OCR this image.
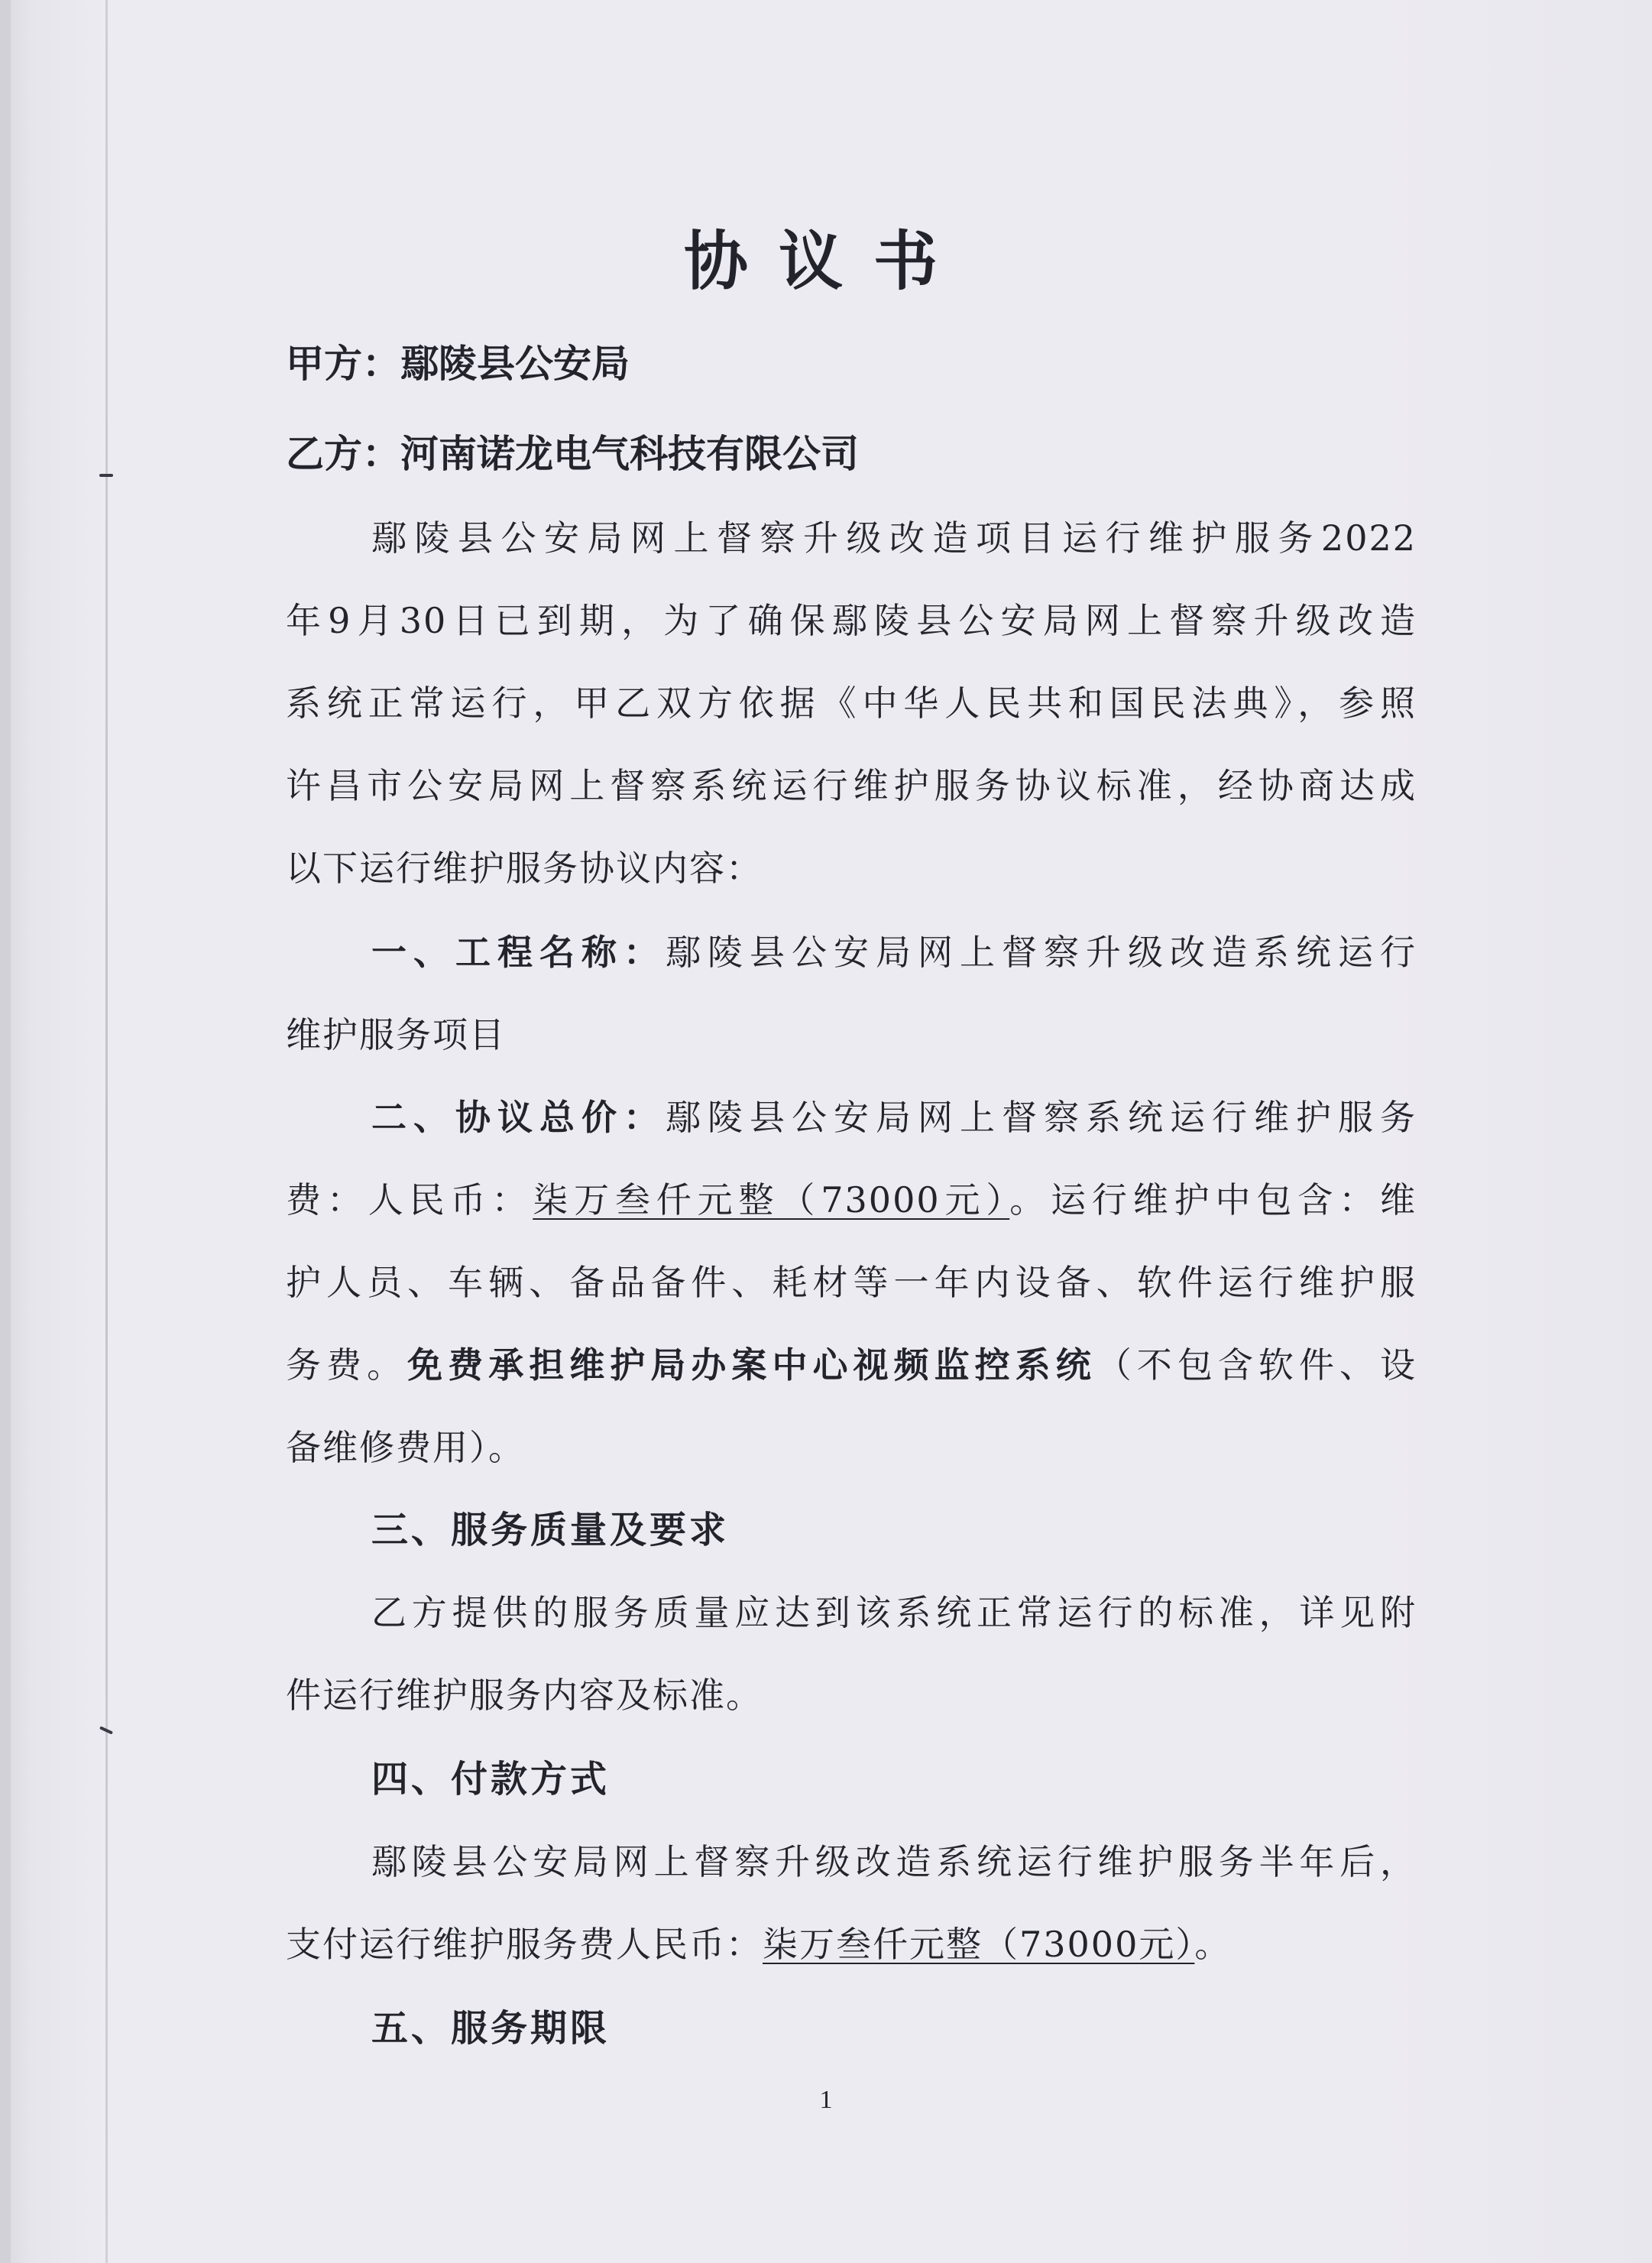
协议书
甲方：鄢陵县公安局
乙方：河南诺龙电气科技有限公司
鄢陵县公安局网上督察升级改造项目运行维护服务2022
年9月30日已到期，为了确保鄢陵县公安局网上督察升级改造
系统正常运行，甲乙双方依据《中华人民共和国民法典》，参照
许昌市公安局网上督察系统运行维护服务协议标准，经协商达成
以下运行维护服务协议内容：
一、工程名称：鄢陵县公安局网上督察升级改造系统运行
维护服务项目
二、协议总价：鄢陵县公安局网上督察系统运行维护服务
费：人民币：柒万叁仟元整（73000元）。运行维护中包含：维
护人员、车辆、备品备件、耗材等一年内设备、软件运行维护服
务费。免费承担维护局办案中心视频监控系统（不包含软件、设
备维修费用）。
三、服务质量及要求
乙方提供的服务质量应达到该系统正常运行的标准，详见附
件运行维护服务内容及标准。
四、付款方式
鄢陵县公安局网上督察升级改造系统运行维护服务半年后，
支付运行维护服务费人民币：柒万叁仟元整（73000元）。
五、服务期限
1
